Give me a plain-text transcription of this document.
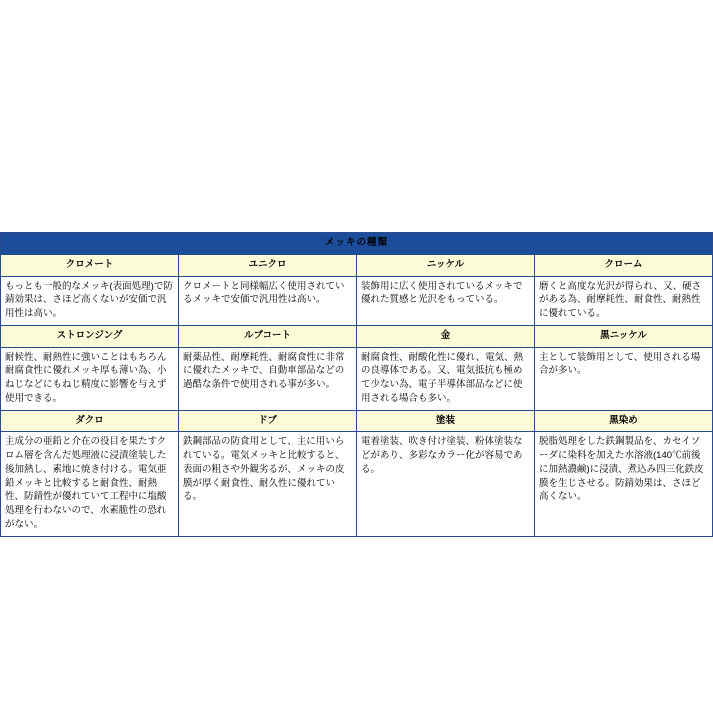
メッキの種類			
クロメート	ユニクロ	ニッケル	クローム
もっとも一般的なメッキ(表面処理)で防錆効果は、さほど高くないが安価で汎用性は高い。	クロメートと同様幅広く使用されているメッキで安価で汎用性は高い。	装飾用に広く使用されているメッキで優れた質感と光沢をもっている。	磨くと高度な光沢が得られ、又、硬さがある為、耐摩耗性、耐食性、耐熱性に優れている。
ストロンジング	ルブコート	金	黒ニッケル
耐候性、耐熱性に強いことはもちろん耐腐食性に優れメッキ厚も薄い為、小ねじなどにもねじ精度に影響を与えず使用できる。	耐薬品性、耐摩耗性、耐腐食性に非常に優れたメッキで、自動車部品などの過酷な条件で使用される事が多い。	耐腐食性、耐酸化性に優れ、電気、熱の良導体である。又、電気抵抗も極めて少ない為、電子半導体部品などに使用される場合も多い。	主として装飾用として、使用される場合が多い。
ダクロ	ドブ	塗装	黒染め
主成分の亜鉛と介在の役目を果たすクロム層を含んだ処理液に浸漬塗装した後加熱し、素地に焼き付ける。電気亜鉛メッキと比較すると耐食性、耐熱性、防錆性が優れていて工程中に塩酸処理を行わないので、水素脆性の恐れがない。	鉄鋼部品の防食用として、主に用いられている。電気メッキと比較すると、表面の粗さや外観劣るが、メッキの皮膜が厚く耐食性、耐久性に優れている。	電着塗装、吹き付け塗装、粉体塗装などがあり、多彩なカラー化が容易である。	脱脂処理をした鉄鋼製品を、カセイソーダに染料を加えた水溶液(140℃前後に加熱濃鹸)に浸漬、煮込み四三化鉄皮膜を生じさせる。防錆効果は、さほど高くない。
